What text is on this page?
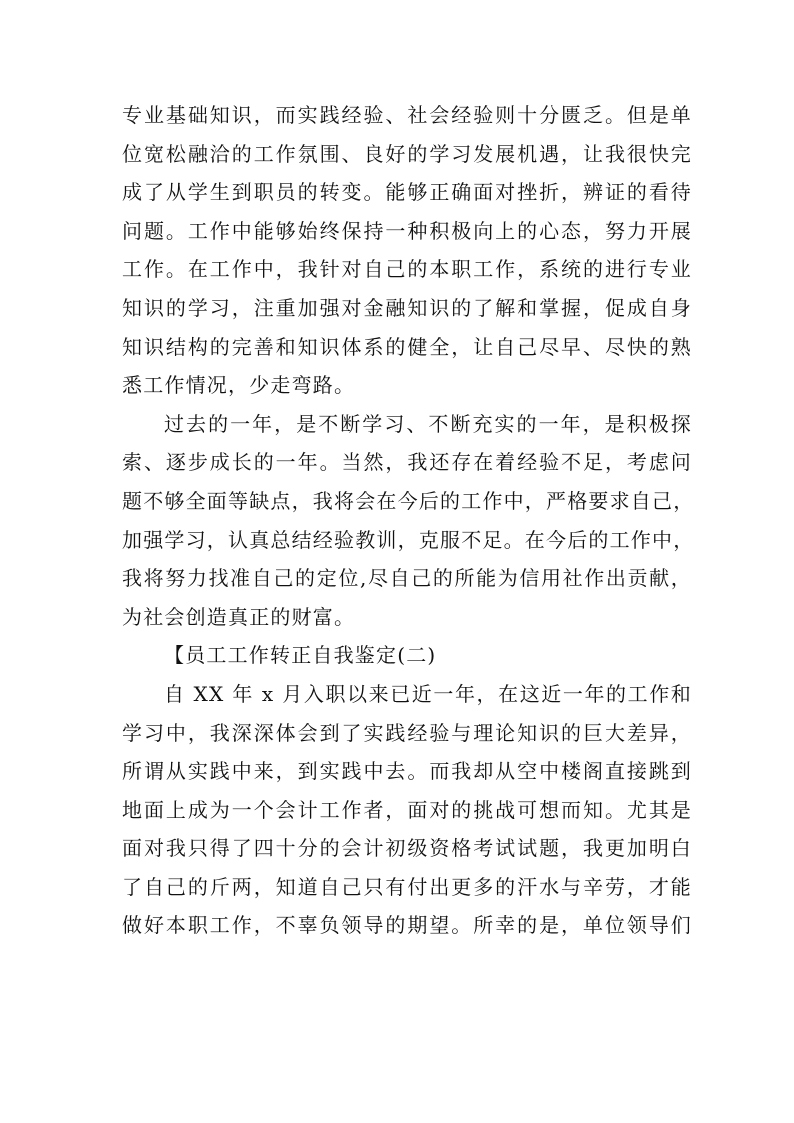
专业基础知识，而实践经验、社会经验则十分匮乏。但是单
位宽松融洽的工作氛围、良好的学习发展机遇，让我很快完
成了从学生到职员的转变。能够正确面对挫折，辨证的看待
问题。工作中能够始终保持一种积极向上的心态，努力开展
工作。在工作中，我针对自己的本职工作，系统的进行专业
知识的学习，注重加强对金融知识的了解和掌握，促成自身
知识结构的完善和知识体系的健全，让自己尽早、尽快的熟
悉工作情况，少走弯路。
过去的一年，是不断学习、不断充实的一年，是积极探
索、逐步成长的一年。当然，我还存在着经验不足，考虑问
题不够全面等缺点，我将会在今后的工作中，严格要求自己，
加强学习，认真总结经验教训，克服不足。在今后的工作中，
我将努力找准自己的定位,尽自己的所能为信用社作出贡献，
为社会创造真正的财富。
【员工工作转正自我鉴定(二)
自 XX 年 x 月入职以来已近一年，在这近一年的工作和
学习中，我深深体会到了实践经验与理论知识的巨大差异，
所谓从实践中来，到实践中去。而我却从空中楼阁直接跳到
地面上成为一个会计工作者，面对的挑战可想而知。尤其是
面对我只得了四十分的会计初级资格考试试题，我更加明白
了自己的斤两，知道自己只有付出更多的汗水与辛劳，才能
做好本职工作，不辜负领导的期望。所幸的是，单位领导们
